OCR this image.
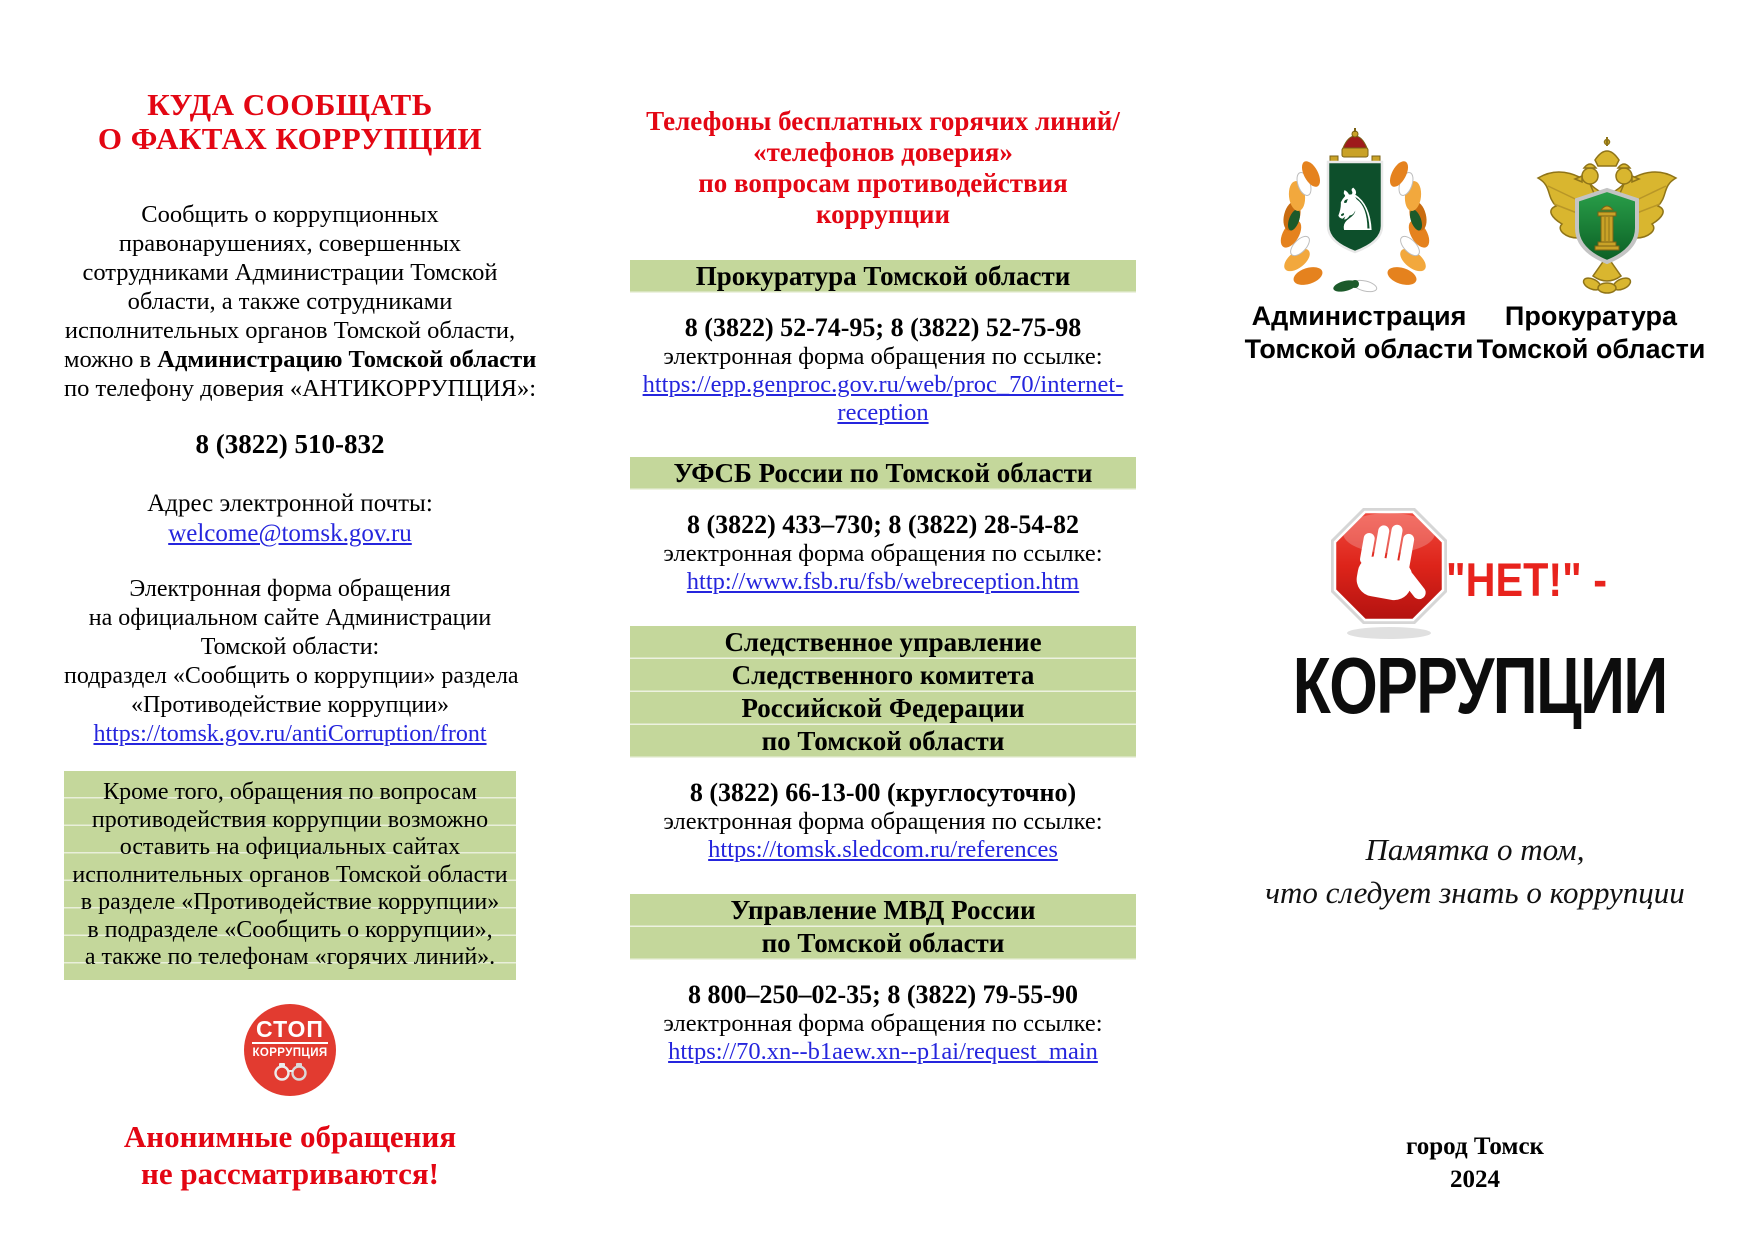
КУДА СООБЩАТЬ
О ФАКТАХ КОРРУПЦИИ
Сообщить о коррупционных
правонарушениях, совершенных
сотрудниками Администрации Томской
области, а также сотрудниками
исполнительных органов Томской области,
можно в Администрацию Томской области
по телефону доверия «АНТИКОРРУПЦИЯ»:
8 (3822) 510-832
Адрес электронной почты:
welcome@tomsk.gov.ru
Электронная форма обращения
на официальном сайте Администрации
Томской области:
подраздел «Сообщить о коррупции» раздела
«Противодействие коррупции»
https://tomsk.gov.ru/antiCorruption/front
Кроме того, обращения по вопросам
противодействия коррупции возможно
оставить на официальных сайтах
исполнительных органов Томской области
в разделе «Противодействие коррупции»
в подразделе «Сообщить о коррупции»,
а также по телефонам «горячих линий».
СТОП
КОРРУПЦИЯ
Анонимные обращения
не рассматриваются!
Телефоны бесплатных горячих линий/
«телефонов доверия»
по вопросам противодействия
коррупции
Прокуратура Томской области
8 (3822) 52-74-95; 8 (3822) 52-75-98
электронная форма обращения по ссылке:
https://epp.genproc.gov.ru/web/proc_70/internet-reception
УФСБ России по Томской области
8 (3822) 433–730; 8 (3822) 28-54-82
электронная форма обращения по ссылке:
http://www.fsb.ru/fsb/webreception.htm
Следственное управление
Следственного комитета
Российской Федерации
по Томской области
8 (3822) 66-13-00 (круглосуточно)
электронная форма обращения по ссылке:
https://tomsk.sledcom.ru/references
Управление МВД России
по Томской области
8 800–250–02-35; 8 (3822) 79-55-90
электронная форма обращения по ссылке:
https://70.xn--b1aew.xn--p1ai/request_main
♞
Администрация
Томской области
Прокуратура
Томской области
"НЕТ!" -
КОРРУПЦИИ
Памятка о том,
что следует знать о коррупции
город Томск
2024
